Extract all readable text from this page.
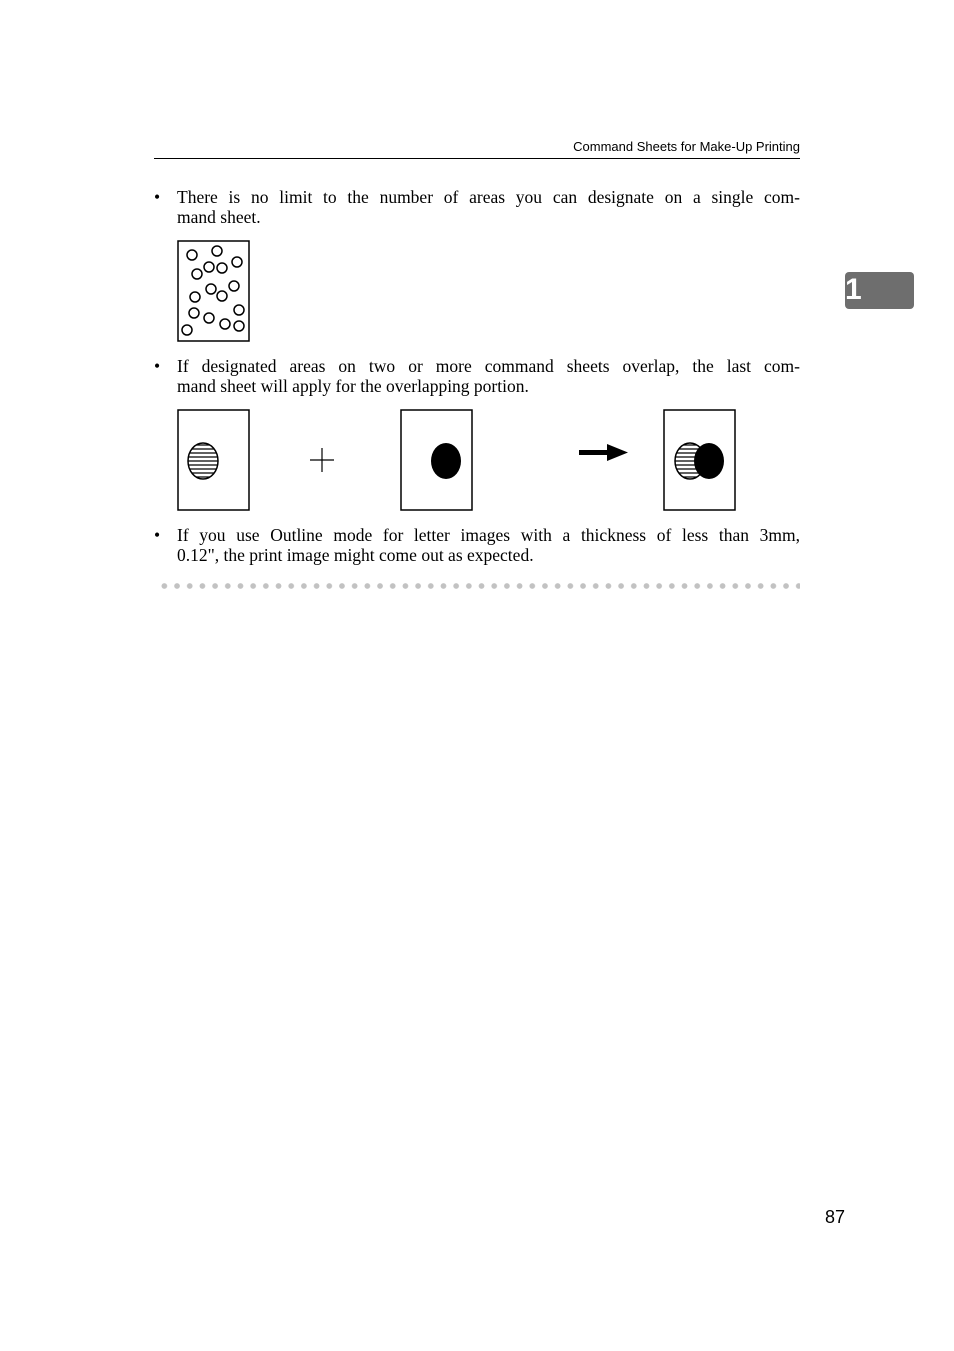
Command Sheets for Make-Up Printing
1
• There is no limit to the number of areas you can designate on a single com-
mand sheet.
• If designated areas on two or more command sheets overlap, the last com-
mand sheet will apply for the overlapping portion.
• If you use Outline mode for letter images with a thickness of less than 3mm,
0.12", the print image might come out as expected.
87
